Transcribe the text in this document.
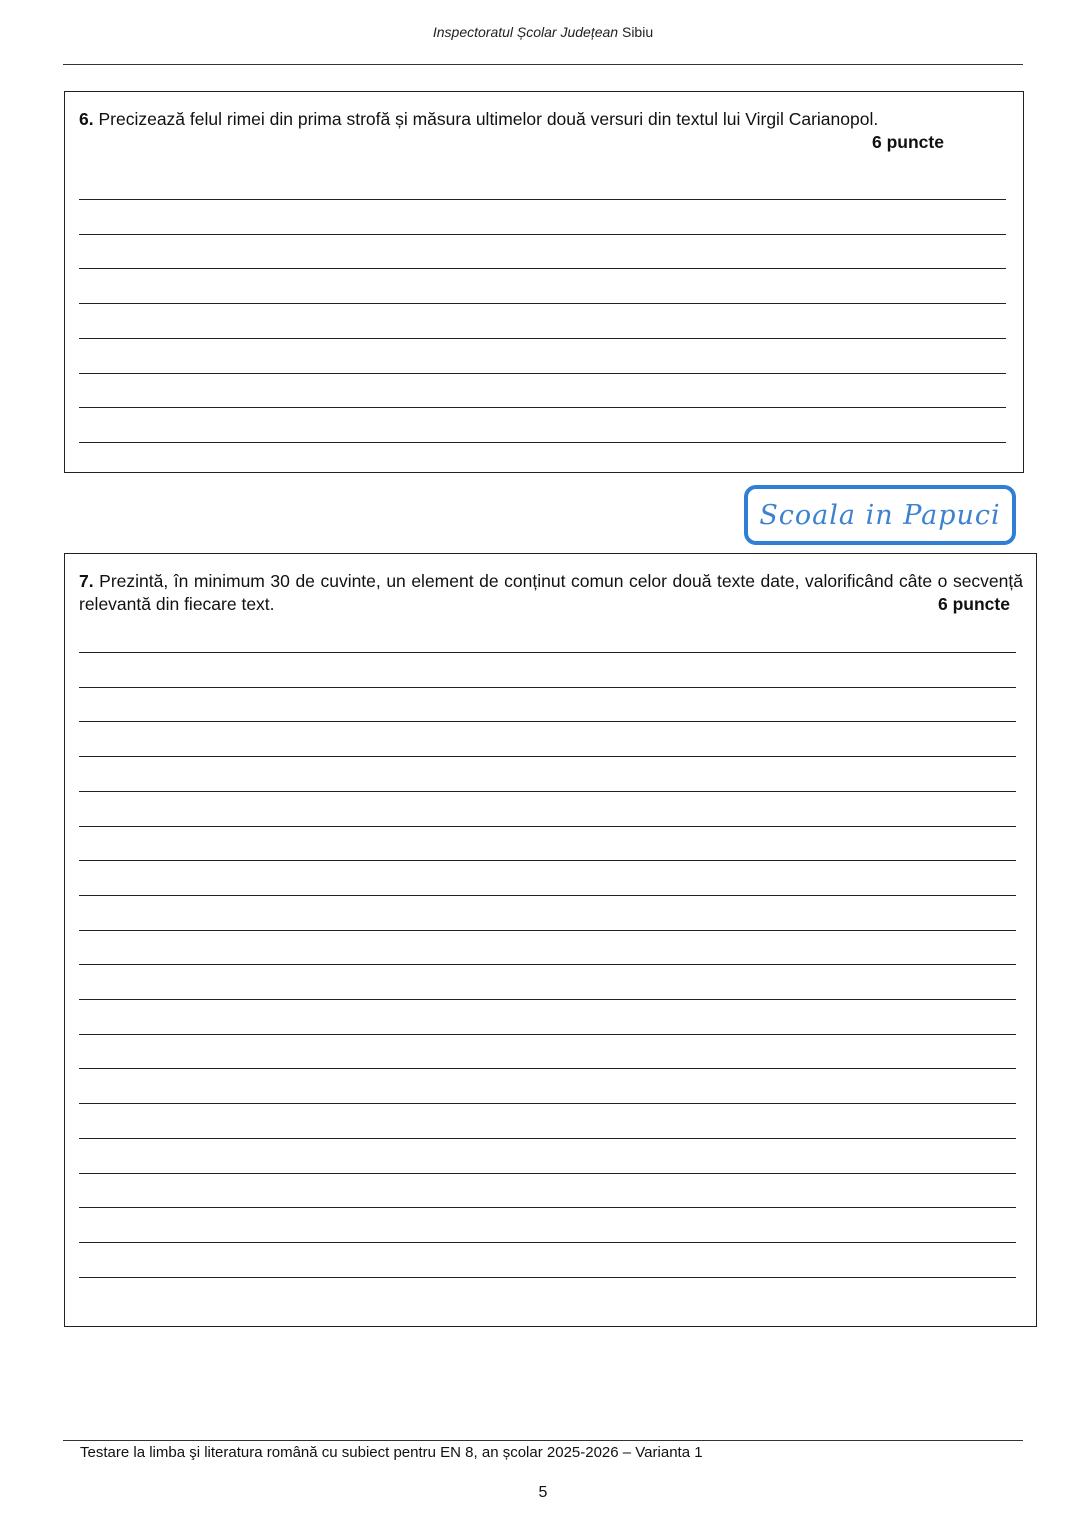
Inspectoratul Școlar Județean Sibiu
6. Precizează felul rimei din prima strofă și măsura ultimelor două versuri din textul lui Virgil Carianopol.
6 puncte
Scoala in Papuci
7. Prezintă, în minimum 30 de cuvinte, un element de conținut comun celor două texte date, valorificând câte o secvență relevantă din fiecare text.	6 puncte
Testare la limba şi literatura română cu subiect pentru EN 8, an școlar 2025-2026 – Varianta 1
5
